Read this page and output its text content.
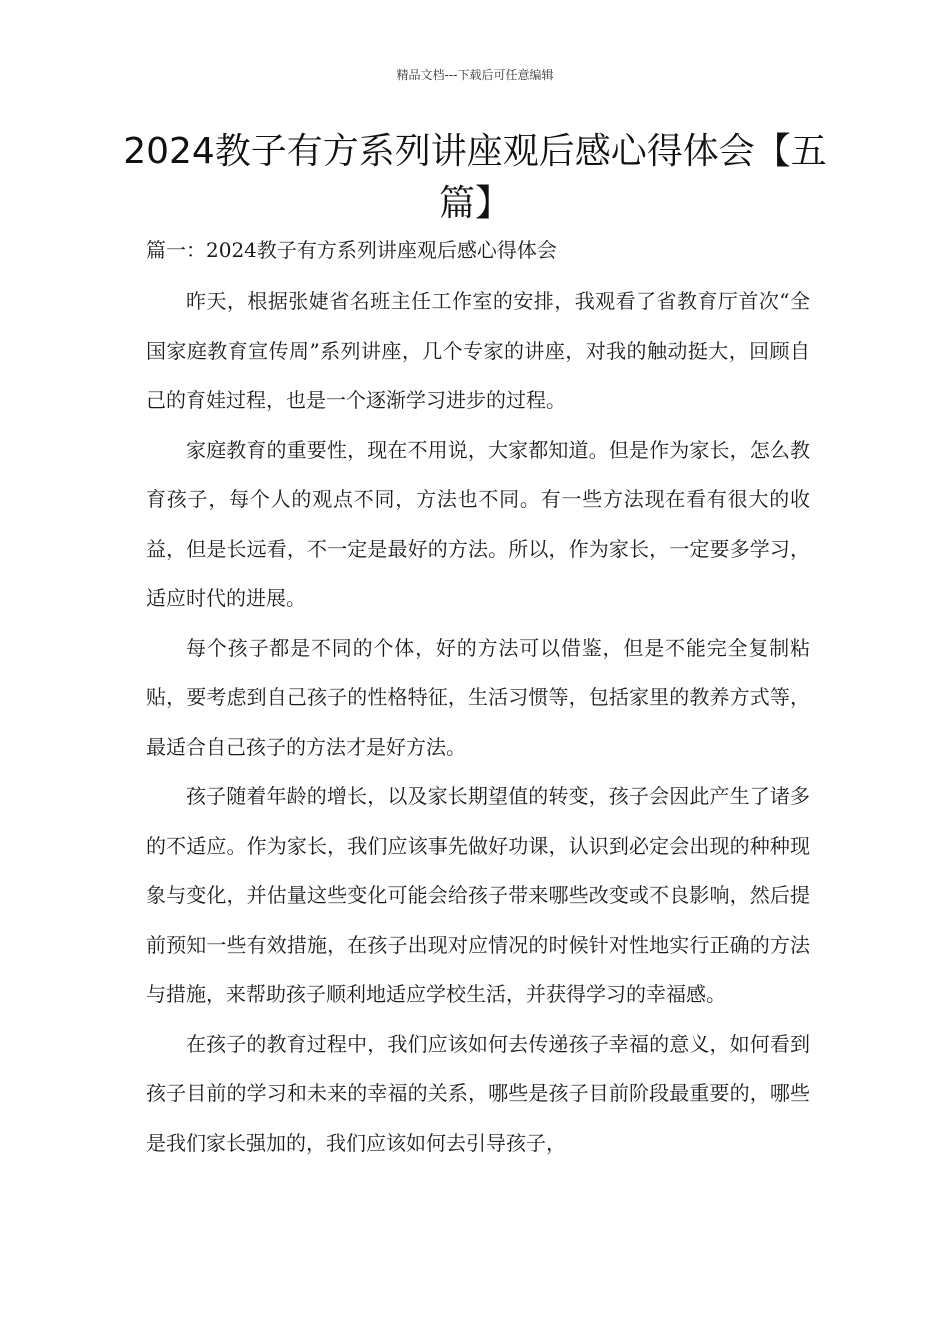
精品文档---下载后可任意编辑
2024教子有方系列讲座观后感心得体会【五篇】
篇一：2024教子有方系列讲座观后感心得体会

昨天，根据张婕省名班主任工作室的安排，我观看了省教育厅首次“全国家庭教育宣传周”系列讲座，几个专家的讲座，对我的触动挺大，回顾自己的育娃过程，也是一个逐渐学习进步的过程。

家庭教育的重要性，现在不用说，大家都知道。但是作为家长，怎么教育孩子，每个人的观点不同，方法也不同。有一些方法现在看有很大的收益，但是长远看，不一定是最好的方法。所以，作为家长，一定要多学习，适应时代的进展。

每个孩子都是不同的个体，好的方法可以借鉴，但是不能完全复制粘贴，要考虑到自己孩子的性格特征，生活习惯等，包括家里的教养方式等，最适合自己孩子的方法才是好方法。

孩子随着年龄的增长，以及家长期望值的转变，孩子会因此产生了诸多的不适应。作为家长，我们应该事先做好功课，认识到必定会出现的种种现象与变化，并估量这些变化可能会给孩子带来哪些改变或不良影响，然后提前预知一些有效措施，在孩子出现对应情况的时候针对性地实行正确的方法与措施，来帮助孩子顺利地适应学校生活，并获得学习的幸福感。

在孩子的教育过程中，我们应该如何去传递孩子幸福的意义，如何看到孩子目前的学习和未来的幸福的关系，哪些是孩子目前阶段最重要的，哪些是我们家长强加的，我们应该如何去引导孩子，
